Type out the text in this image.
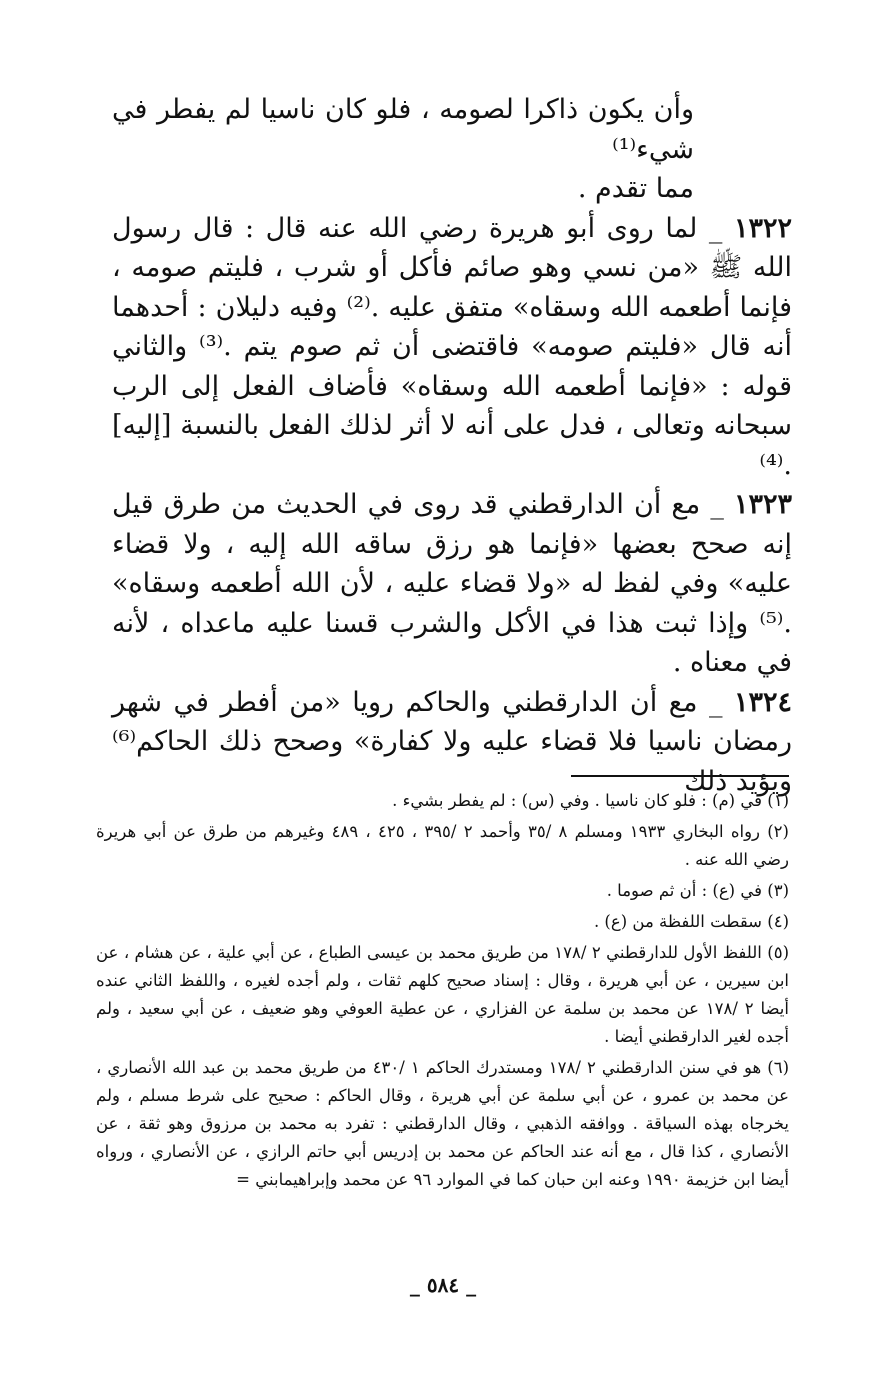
وأن يكون ذاكرا لصومه ، فلو كان ناسيا لم يفطر في شيء⁽¹⁾

مما تقدم .

١٣٢٢ _ لما روى أبو هريرة رضي الله عنه قال : قال رسول الله ﷺ «من نسي وهو صائم فأكل أو شرب ، فليتم صومه ، فإنما أطعمه الله وسقاه» متفق عليه .⁽²⁾ وفيه دليلان : أحدهما أنه قال «فليتم صومه» فاقتضى أن ثم صوم يتم .⁽³⁾ والثاني قوله : «فإنما أطعمه الله وسقاه» فأضاف الفعل إلى الرب سبحانه وتعالى ، فدل على أنه لا أثر لذلك الفعل بالنسبة [إليه] .⁽⁴⁾

١٣٢٣ _ مع أن الدارقطني قد روى في الحديث من طرق قيل إنه صحح بعضها «فإنما هو رزق ساقه الله إليه ، ولا قضاء عليه» وفي لفظ له «ولا قضاء عليه ، لأن الله أطعمه وسقاه» .⁽⁵⁾ وإذا ثبت هذا في الأكل والشرب قسنا عليه ماعداه ، لأنه في معناه .

١٣٢٤ _ مع أن الدارقطني والحاكم رويا «من أفطر في شهر رمضان ناسيا فلا قضاء عليه ولا كفارة» وصحح ذلك الحاكم⁽⁶⁾ ويؤيد ذلك

(١) في (م) : فلو كان ناسيا . وفي (س) : لم يفطر بشيء .

(٢) رواه البخاري ١٩٣٣ ومسلم ٨ /٣٥ وأحمد ٢ /٣٩٥ ، ٤٢٥ ، ٤٨٩ وغيرهم من طرق عن أبي هريرة رضي الله عنه .

(٣) في (ع) : أن ثم صوما .

(٤) سقطت اللفظة من (ع) .

(٥) اللفظ الأول للدارقطني ٢ /١٧٨ من طريق محمد بن عيسى الطباع ، عن أبي علية ، عن هشام ، عن ابن سيرين ، عن أبي هريرة ، وقال : إسناد صحيح كلهم ثقات ، ولم أجده لغيره ، واللفظ الثاني عنده أيضا ٢ /١٧٨ عن محمد بن سلمة عن الفزاري ، عن عطية العوفي وهو ضعيف ، عن أبي سعيد ، ولم أجده لغير الدارقطني أيضا .

(٦) هو في سنن الدارقطني ٢ /١٧٨ ومستدرك الحاكم ١ /٤٣٠ من طريق محمد بن عبد الله الأنصاري ، عن محمد بن عمرو ، عن أبي سلمة عن أبي هريرة ، وقال الحاكم : صحيح على شرط مسلم ، ولم يخرجاه بهذه السياقة . ووافقه الذهبي ، وقال الدارقطني : تفرد به محمد بن مرزوق وهو ثقة ، عن الأنصاري ، كذا قال ، مع أنه عند الحاكم عن محمد بن إدريس أبي حاتم الرازي ، عن الأنصاري ، ورواه أيضا ابن خزيمة ١٩٩٠ وعنه ابن حبان كما في الموارد ٩٦ عن محمد وإبراهيمابني =

_ ٥٨٤ _
